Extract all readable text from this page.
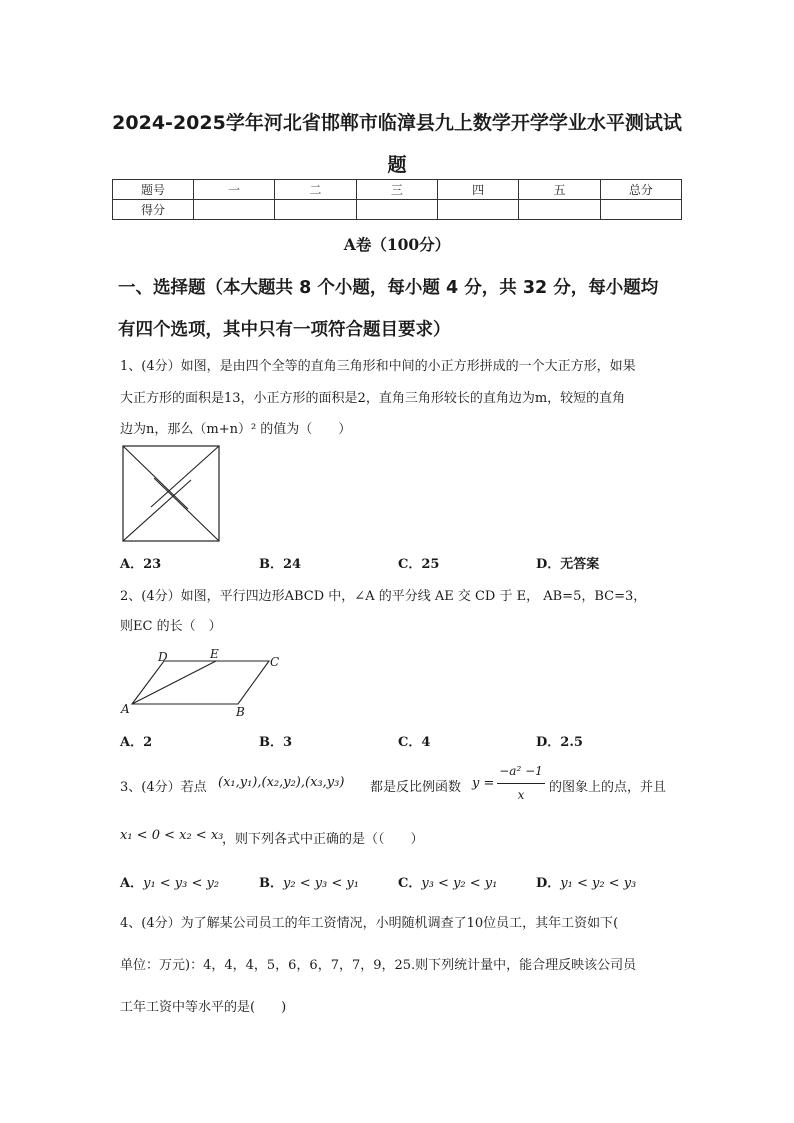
2024-2025学年河北省邯郸市临漳县九上数学开学学业水平测试试
题
题号	一	二	三	四	五	总分
得分						
A卷（100分）
一、选择题（本大题共 8 个小题，每小题 4 分，共 32 分，每小题均
有四个选项，其中只有一项符合题目要求）
1、(4分）如图，是由四个全等的直角三角形和中间的小正方形拼成的一个大正方形，如果
大正方形的面积是13，小正方形的面积是2，直角三角形较长的直角边为m，较短的直角
边为n，那么（m+n）² 的值为（　　）
A．23	B．24	C．25	D．无答案
2、(4分）如图，平行四边形ABCD 中，∠A 的平分线 AE 交 CD 于 E， AB=5，BC=3，
则EC 的长（　）
A	B
C
D	E
A．2	B．3	C．4	D．2.5
3、(4分）若点 (x₁,y₁),(x₂,y₂),(x₃,y₃) 都是反比例函数 y =
−a² −1
x	的图象上的点，并且
x₁ < 0 < x₂ < x₃
，则下列各式中正确的是（（　　）
A．y₁ < y₃ < y₂	B．y₂ < y₃ < y₁	C．y₃ < y₂ < y₁	D．y₁ < y₂ < y₃
4、(4分）为了解某公司员工的年工资情况，小明随机调查了10位员工，其年工资如下(
单位：万元)：4，4，4，5，6，6，7，7，9，25.则下列统计量中，能合理反映该公司员
工年工资中等水平的是(　　)
